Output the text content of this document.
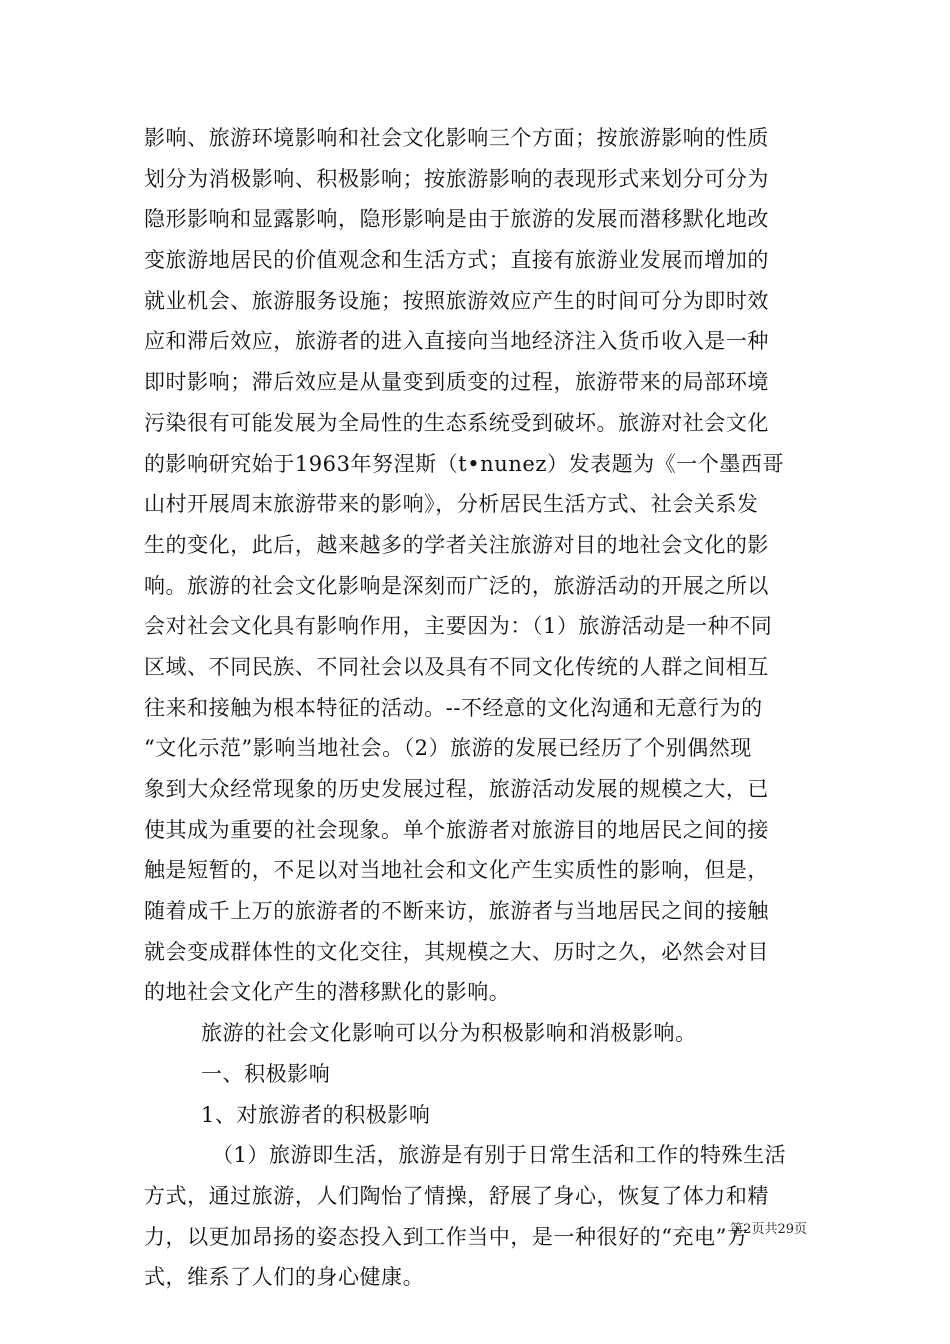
影响、旅游环境影响和社会文化影响三个方面；按旅游影响的性质
划分为消极影响、积极影响；按旅游影响的表现形式来划分可分为
隐形影响和显露影响，隐形影响是由于旅游的发展而潜移默化地改
变旅游地居民的价值观念和生活方式；直接有旅游业发展而增加的
就业机会、旅游服务设施；按照旅游效应产生的时间可分为即时效
应和滞后效应，旅游者的进入直接向当地经济注入货币收入是一种
即时影响；滞后效应是从量变到质变的过程，旅游带来的局部环境
污染很有可能发展为全局性的生态系统受到破坏。旅游对社会文化
的影响研究始于1963年努涅斯（t•nunez）发表题为《一个墨西哥
山村开展周末旅游带来的影响》，分析居民生活方式、社会关系发
生的变化，此后，越来越多的学者关注旅游对目的地社会文化的影
响。旅游的社会文化影响是深刻而广泛的，旅游活动的开展之所以
会对社会文化具有影响作用，主要因为：（1）旅游活动是一种不同
区域、不同民族、不同社会以及具有不同文化传统的人群之间相互
往来和接触为根本特征的活动。--不经意的文化沟通和无意行为的
“文化示范”影响当地社会。（2）旅游的发展已经历了个别偶然现
象到大众经常现象的历史发展过程，旅游活动发展的规模之大，已
使其成为重要的社会现象。单个旅游者对旅游目的地居民之间的接
触是短暂的，不足以对当地社会和文化产生实质性的影响，但是，
随着成千上万的旅游者的不断来访，旅游者与当地居民之间的接触
就会变成群体性的文化交往，其规模之大、历时之久，必然会对目
的地社会文化产生的潜移默化的影响。
旅游的社会文化影响可以分为积极影响和消极影响。
一、积极影响
1、对旅游者的积极影响
（1）旅游即生活，旅游是有别于日常生活和工作的特殊生活
方式，通过旅游，人们陶怡了情操，舒展了身心，恢复了体力和精
力，以更加昂扬的姿态投入到工作当中，是一种很好的“充电”方
式，维系了人们的身心健康。
第2页共29页
